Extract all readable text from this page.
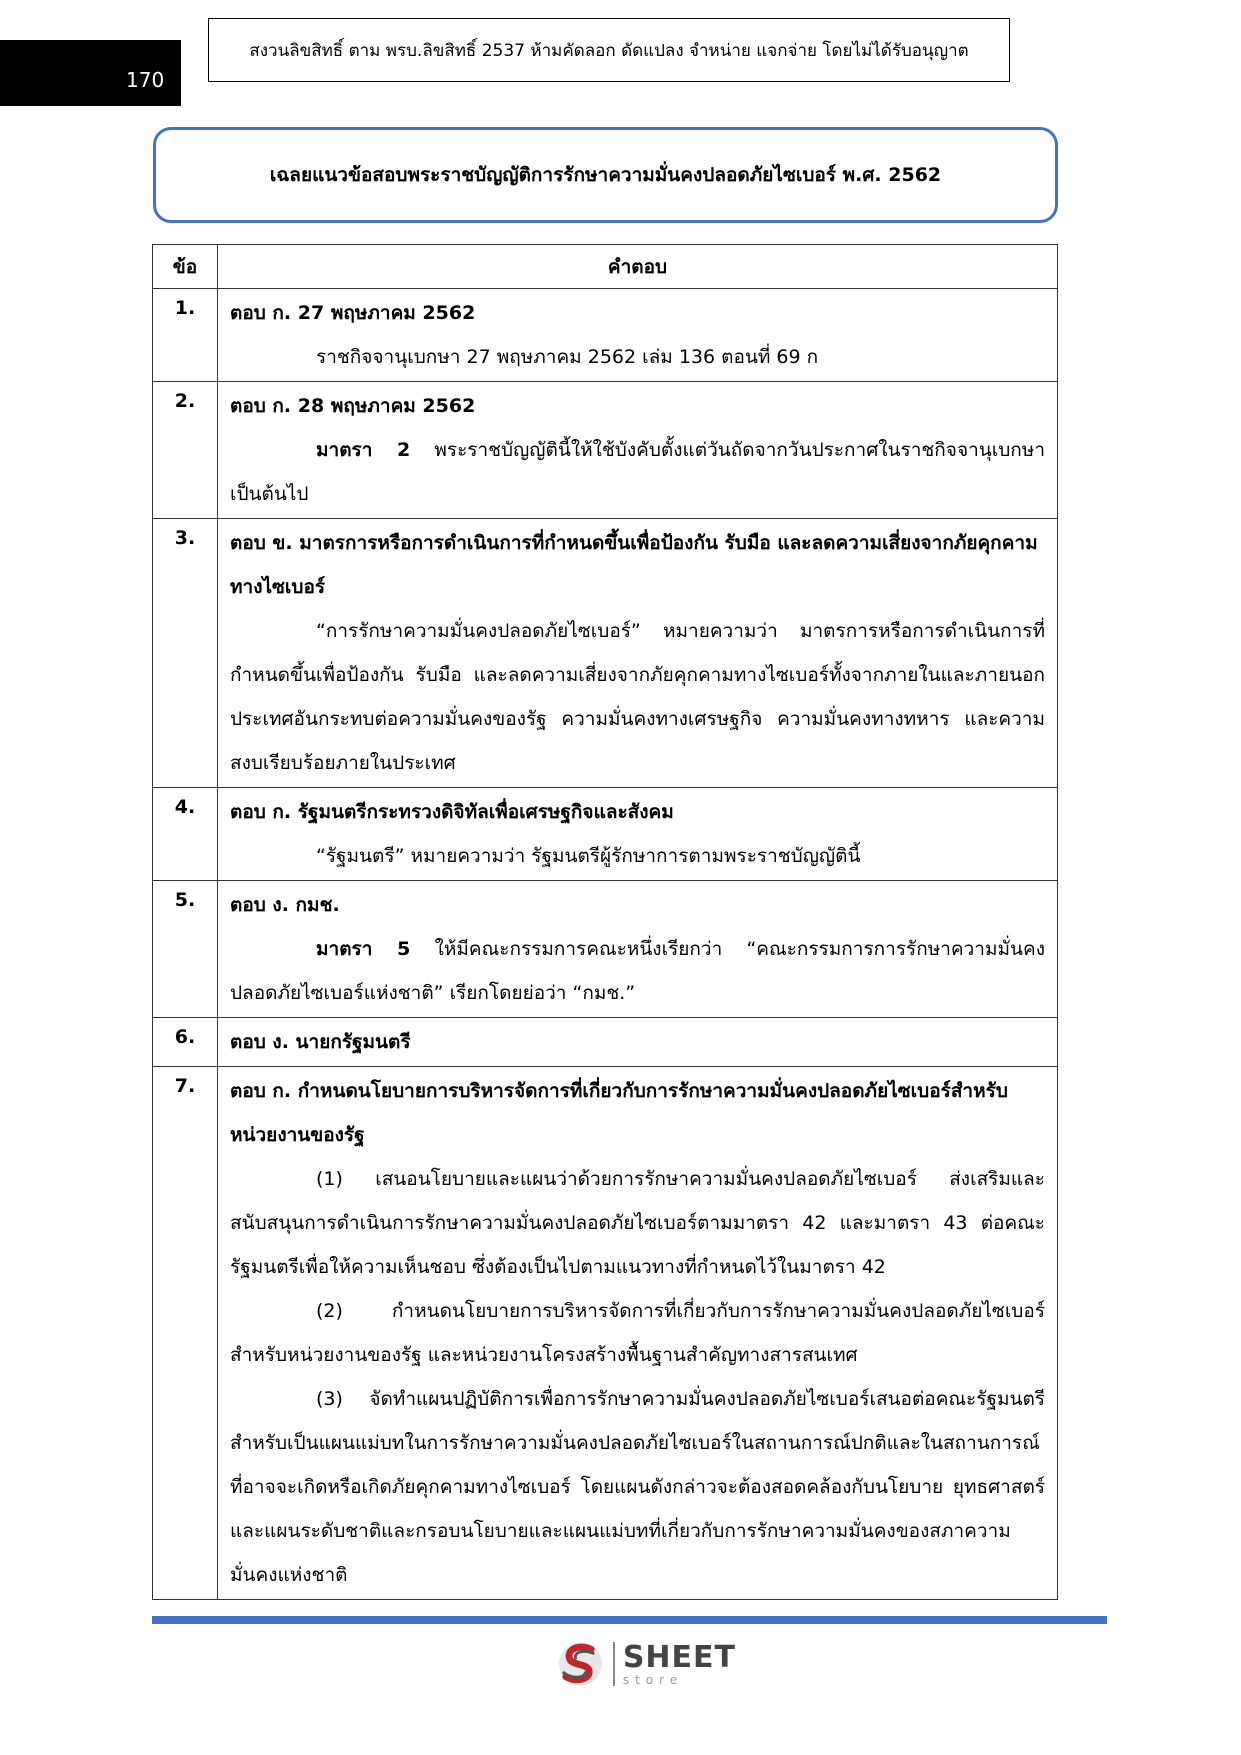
170
สงวนลิขสิทธิ์ ตาม พรบ.ลิขสิทธิ์ 2537 ห้ามคัดลอก ดัดแปลง จำหน่าย แจกจ่าย โดยไม่ได้รับอนุญาต
เฉลยแนวข้อสอบพระราชบัญญัติการรักษาความมั่นคงปลอดภัยไซเบอร์ พ.ศ. 2562
ข้อ	คำตอบ
1.	ตอบ ก. 27 พฤษภาคม 2562
ราชกิจจานุเบกษา 27 พฤษภาคม 2562 เล่ม 136 ตอนที่ 69 ก

2.	ตอบ ก. 28 พฤษภาคม 2562
มาตรา 2 พระราชบัญญัตินี้ให้ใช้บังคับตั้งแต่วันถัดจากวันประกาศในราชกิจจานุเบกษาเป็นต้นไป

3.	ตอบ ข. มาตรการหรือการดำเนินการที่กำหนดขึ้นเพื่อป้องกัน รับมือ และลดความเสี่ยงจากภัยคุกคามทางไซเบอร์
“การรักษาความมั่นคงปลอดภัยไซเบอร์” หมายความว่า มาตรการหรือการดำเนินการที่กำหนดขึ้นเพื่อป้องกัน รับมือ และลดความเสี่ยงจากภัยคุกคามทางไซเบอร์ทั้งจากภายในและภายนอกประเทศอันกระทบต่อความมั่นคงของรัฐ ความมั่นคงทางเศรษฐกิจ ความมั่นคงทางทหาร และความสงบเรียบร้อยภายในประเทศ

4.	ตอบ ก. รัฐมนตรีกระทรวงดิจิทัลเพื่อเศรษฐกิจและสังคม
“รัฐมนตรี” หมายความว่า รัฐมนตรีผู้รักษาการตามพระราชบัญญัตินี้

5.	ตอบ ง. กมช.
มาตรา 5 ให้มีคณะกรรมการคณะหนึ่งเรียกว่า “คณะกรรมการการรักษาความมั่นคงปลอดภัยไซเบอร์แห่งชาติ” เรียกโดยย่อว่า “กมช.”

6.	ตอบ ง. นายกรัฐมนตรี

7.	ตอบ ก. กำหนดนโยบายการบริหารจัดการที่เกี่ยวกับการรักษาความมั่นคงปลอดภัยไซเบอร์สำหรับหน่วยงานของรัฐ
(1) เสนอนโยบายและแผนว่าด้วยการรักษาความมั่นคงปลอดภัยไซเบอร์ ส่งเสริมและสนับสนุนการดำเนินการรักษาความมั่นคงปลอดภัยไซเบอร์ตามมาตรา 42 และมาตรา 43 ต่อคณะรัฐมนตรีเพื่อให้ความเห็นชอบ ซึ่งต้องเป็นไปตามแนวทางที่กำหนดไว้ในมาตรา 42
(2) กำหนดนโยบายการบริหารจัดการที่เกี่ยวกับการรักษาความมั่นคงปลอดภัยไซเบอร์สำหรับหน่วยงานของรัฐ และหน่วยงานโครงสร้างพื้นฐานสำคัญทางสารสนเทศ
(3) จัดทำแผนปฏิบัติการเพื่อการรักษาความมั่นคงปลอดภัยไซเบอร์เสนอต่อคณะรัฐมนตรี สำหรับเป็นแผนแม่บทในการรักษาความมั่นคงปลอดภัยไซเบอร์ในสถานการณ์ปกติและในสถานการณ์ที่อาจจะเกิดหรือเกิดภัยคุกคามทางไซเบอร์ โดยแผนดังกล่าวจะต้องสอดคล้องกับนโยบาย ยุทธศาสตร์และแผนระดับชาติและกรอบนโยบายและแผนแม่บทที่เกี่ยวกับการรักษาความมั่นคงของสภาความมั่นคงแห่งชาติ
SHEET
store
